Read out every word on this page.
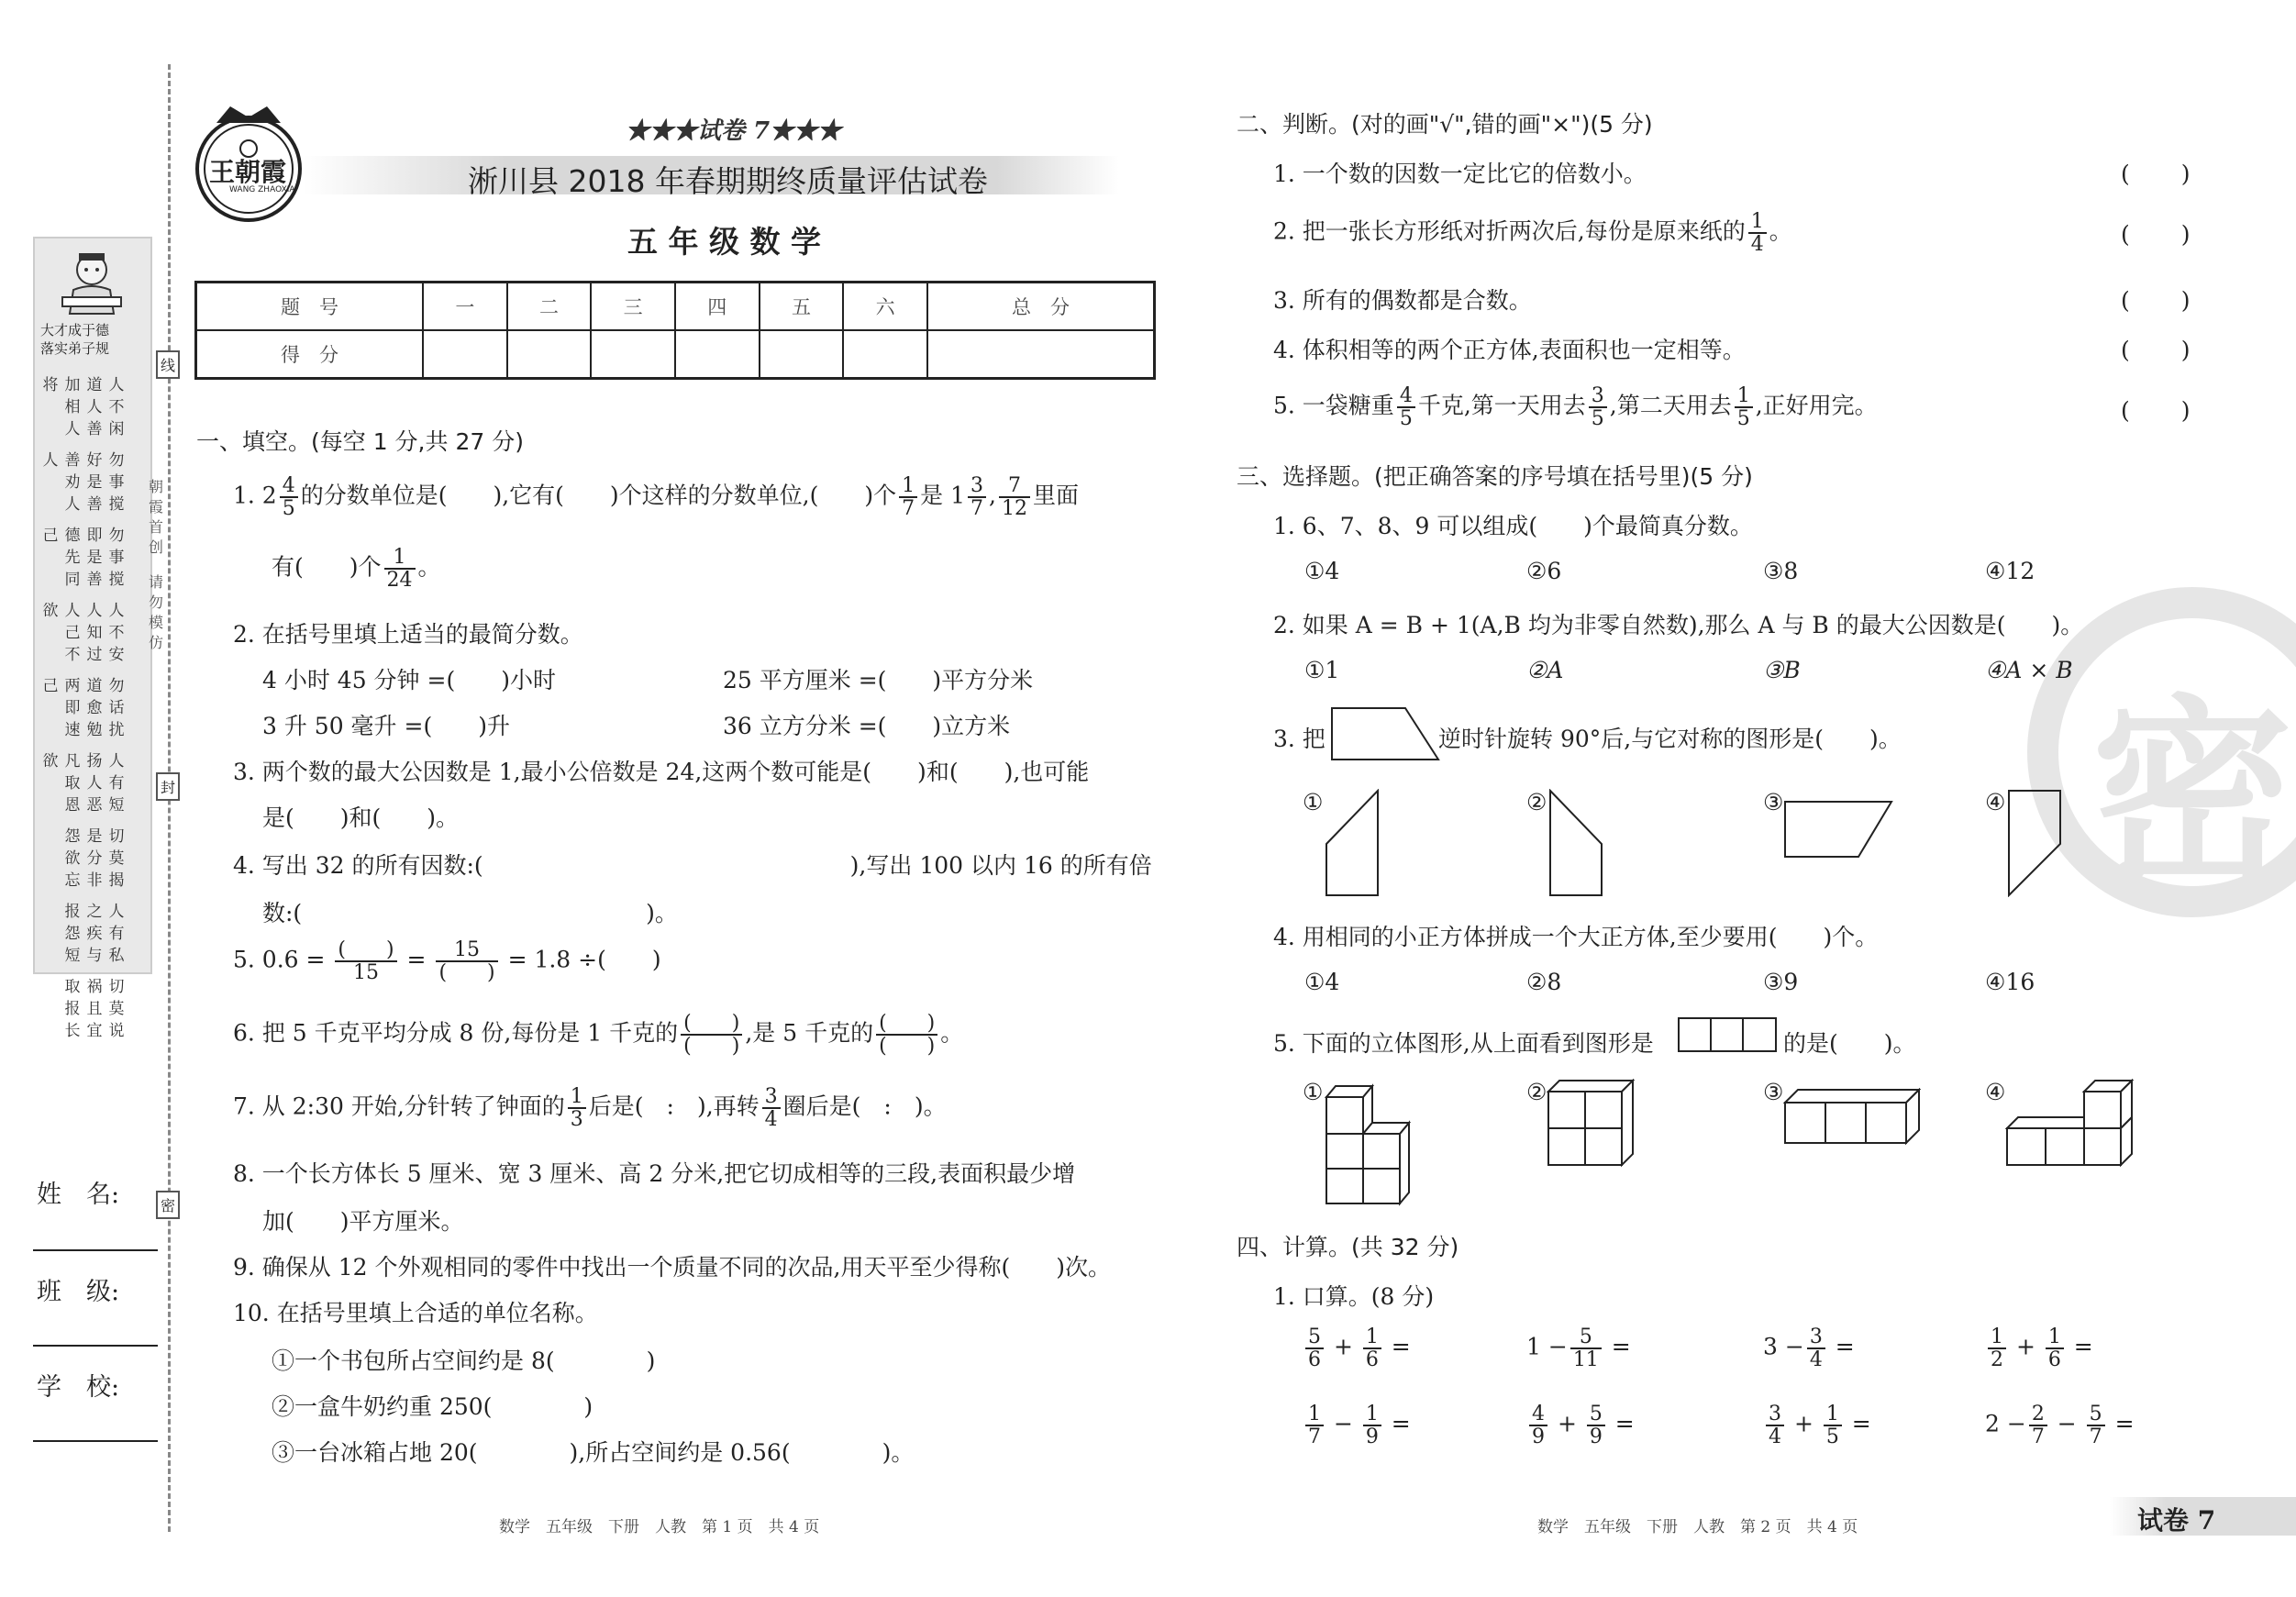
大才成于德
落实弟子规
人不闲
道人善
加相人
将
勿事搅
好是善
善劝人
人
勿事搅
即是善
德先同
己
人不安
人知过
人己不
欲
勿话扰
道愈勉
两即速
己
人有短
扬人恶
凡取恩
欲
切莫揭
是分非
怨欲忘
人有私
之疾与
报怨短
切莫说
祸且宜
取报长
朝霞首创
请勿模仿
线
封
密
姓　名:
班　级:
学　校:
王朝霞
WANG ZHAOXIA
★★★试卷 7★★★
淅川县 2018 年春期期终质量评估试卷
五 年 级 数 学
题　号	一	二	三	四	五	六	总　分
得　分							
一、填空。(每空 1 分,共 27 分)
1. $2 \frac{4}{5}$ 的分数单位是(　　),它有(　　)个这样的分数单位,(　　)个 $\frac{1}{7}$ 是 $1 \frac{3}{7}$ , $\frac{7}{12}$ 里面
有(　　)个 $\frac{1}{24}$ 。
2. 在括号里填上适当的最简分数。
4 小时 45 分钟 =(　　)小时	25 平方厘米 =(　　)平方分米
3 升 50 毫升 =(　　)升	36 立方分米 =(　　)立方米
3. 两个数的最大公因数是 1,最小公倍数是 24,这两个数可能是(　　)和(　　),也可能
是(　　)和(　　)。
4. 写出 32 的所有因数:(　　　　　　　　　　　　　　　　),写出 100 以内 16 的所有倍
数:(　　　　　　　　　　　　　　　)。
5. 0.6 = (　　)
15	=	15
(　　) = 1.8 ÷(　　)
6. 把 5 千克平均分成 8 份,每份是 1 千克的 (　　)
(　　) ,是 5 千克的 (　　)
(　　) 。
7. 从 2:30 开始,分针转了钟面的 $\frac{1}{3}$ 后是(　:　),再转 $\frac{3}{4}$ 圈后是(　:　)。
8. 一个长方体长 5 厘米、宽 3 厘米、高 2 分米,把它切成相等的三段,表面积最少增
加(　　)平方厘米。
9. 确保从 12 个外观相同的零件中找出一个质量不同的次品,用天平至少得称(　　)次。
10. 在括号里填上合适的单位名称。
①一个书包所占空间约是 8(　　　　)
②一盒牛奶约重 250(　　　　)
③一台冰箱占地 20(　　　　),所占空间约是 0.56(　　　　)。
数学　五年级　下册　人教　第 1 页　共 4 页
密
二、判断。(对的画"√",错的画"×")(5 分)
1. 一个数的因数一定比它的倍数小。
2. 把一张长方形纸对折两次后,每份是原来纸的 $\frac{1}{4}$ 。
3. 所有的偶数都是合数。
4. 体积相等的两个正方体,表面积也一定相等。
5. 一袋糖重 $\frac{4}{5}$ 千克,第一天用去 $\frac{3}{5}$ ,第二天用去 $\frac{1}{5}$ ,正好用完。
(　　)
(　　)
(　　)
(　　)
(　　)
三、选择题。(把正确答案的序号填在括号里)(5 分)
1. 6、7、8、9 可以组成(　　)个最简真分数。
①4	②6	③8	④12
2. 如果 A = B + 1(A,B 均为非零自然数),那么 A 与 B 的最大公因数是(　　)。
①1	②A	③B	④A × B
3. 把	逆时针旋转 90°后,与它对称的图形是(　　)。
①	②	③	④
4. 用相同的小正方体拼成一个大正方体,至少要用(　　)个。
①4	②8	③9	④16
5. 下面的立体图形,从上面看到图形是	的是(　　)。
①	②	③	④
四、计算。(共 32 分)
1. 口算。(8 分)
$\frac{5}{6} + \frac{1}{6}$ =	$1 - \frac{5}{11}$ =	$3 - \frac{3}{4}$ =	$\frac{1}{2} + \frac{1}{6}$ =
$\frac{1}{7} - \frac{1}{9}$ =	$\frac{4}{9} + \frac{5}{9}$ =	$\frac{3}{4} + \frac{1}{5}$ =	$2 - \frac{2}{7} - \frac{5}{7}$ =
数学　五年级　下册　人教　第 2 页　共 4 页	试卷 7
